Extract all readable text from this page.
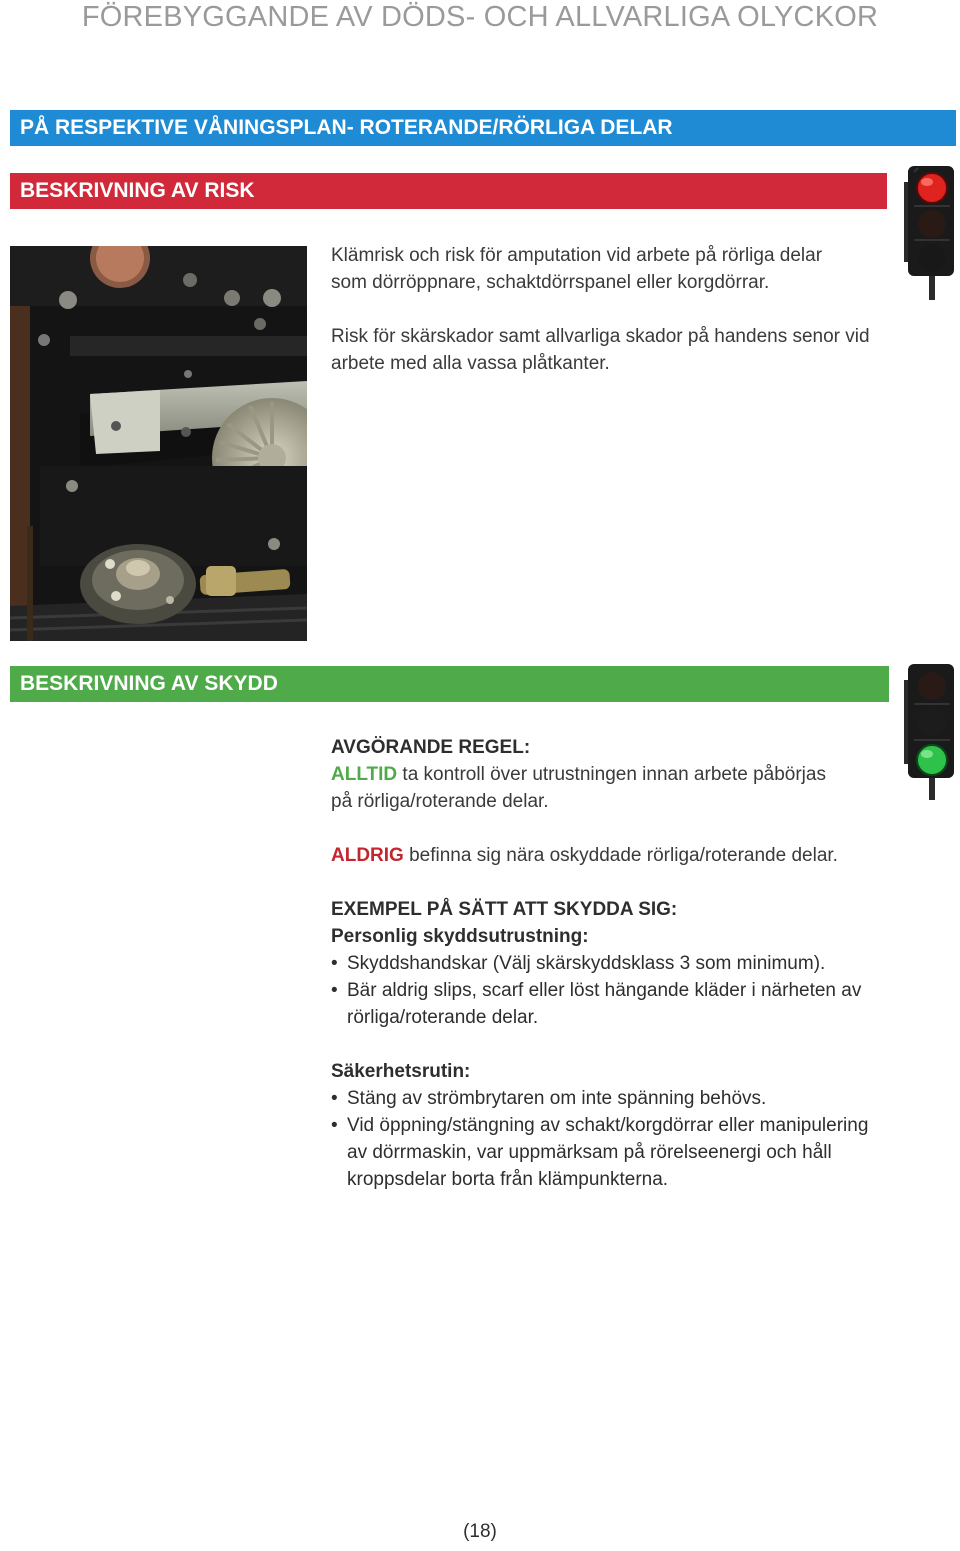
FÖREBYGGANDE AV DÖDS- OCH ALLVARLIGA OLYCKOR
PÅ RESPEKTIVE VÅNINGSPLAN- ROTERANDE/RÖRLIGA DELAR
BESKRIVNING AV RISK
Klämrisk och risk för amputation vid arbete på rörliga delar
som dörröppnare, schaktdörrspanel eller korgdörrar.
Risk för skärskador samt allvarliga skador på handens senor vid
arbete med alla vassa plåtkanter.
BESKRIVNING AV SKYDD
AVGÖRANDE REGEL:
ALLTID ta kontroll över utrustningen innan arbete påbörjas
på rörliga/roterande delar.
ALDRIG befinna sig nära oskyddade rörliga/roterande delar.
EXEMPEL PÅ SÄTT ATT SKYDDA SIG:
Personlig skyddsutrustning:
• Skyddshandskar (Välj skärskyddsklass 3 som minimum).
• Bär aldrig slips, scarf eller löst hängande kläder i närheten av
rörliga/roterande delar.
Säkerhetsrutin:
• Stäng av strömbrytaren om inte spänning behövs.
• Vid öppning/stängning av schakt/korgdörrar eller manipulering
av dörrmaskin, var uppmärksam på rörelseenergi och håll
kroppsdelar borta från klämpunkterna.
(18)
